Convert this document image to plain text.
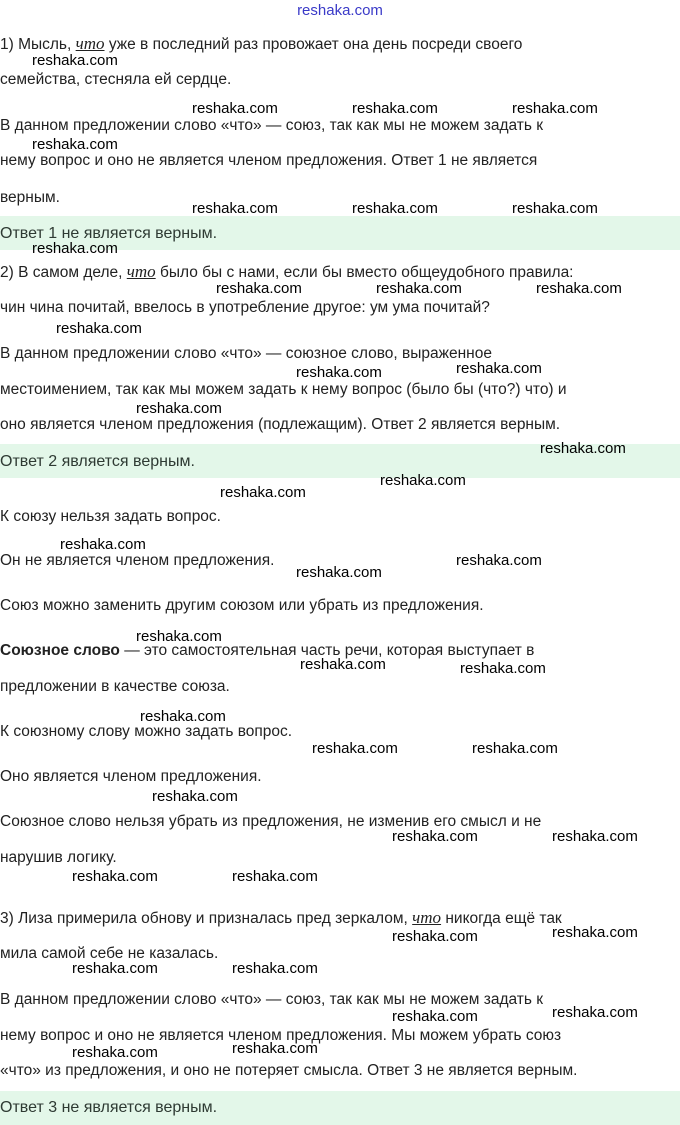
reshaka.com
Ответ 1 не является верным.
Ответ 2 является верным.
Ответ 3 не является верным.
1) Мысль, что уже в последний раз провожает она день посреди своего
семейства, стесняла ей сердце.
В данном предложении слово «что» — союз, так как мы не можем задать к
нему вопрос и оно не является членом предложения. Ответ 1 не является
верным.
2) В самом деле, что было бы с нами, если бы вместо общеудобного правила:
чин чина почитай, ввелось в употребление другое: ум ума почитай?
В данном предложении слово «что» — союзное слово, выраженное
местоимением, так как мы можем задать к нему вопрос (было бы (что?) что) и
оно является членом предложения (подлежащим). Ответ 2 является верным.
К союзу нельзя задать вопрос.
Он не является членом предложения.
Союз можно заменить другим союзом или убрать из предложения.
Союзное слово — это самостоятельная часть речи, которая выступает в
предложении в качестве союза.
К союзному слову можно задать вопрос.
Оно является членом предложения.
Союзное слово нельзя убрать из предложения, не изменив его смысл и не
нарушив логику.
3) Лиза примерила обнову и призналась пред зеркалом, что никогда ещё так
мила самой себе не казалась.
В данном предложении слово «что» — союз, так как мы не можем задать к
нему вопрос и оно не является членом предложения. Мы можем убрать союз
«что» из предложения, и оно не потеряет смысла. Ответ 3 не является верным.
reshaka.com
reshaka.com	reshaka.com	reshaka.com
reshaka.com
reshaka.com	reshaka.com	reshaka.com
reshaka.com
reshaka.com	reshaka.com	reshaka.com
reshaka.com
reshaka.com	reshaka.com
reshaka.com
reshaka.com
reshaka.com
reshaka.com
reshaka.com
reshaka.com
reshaka.com
reshaka.com
reshaka.com	reshaka.com
reshaka.com
reshaka.com	reshaka.com
reshaka.com
reshaka.com	reshaka.com
reshaka.com	reshaka.com
reshaka.com	reshaka.com
reshaka.com	reshaka.com
reshaka.com	reshaka.com
reshaka.com	reshaka.com
